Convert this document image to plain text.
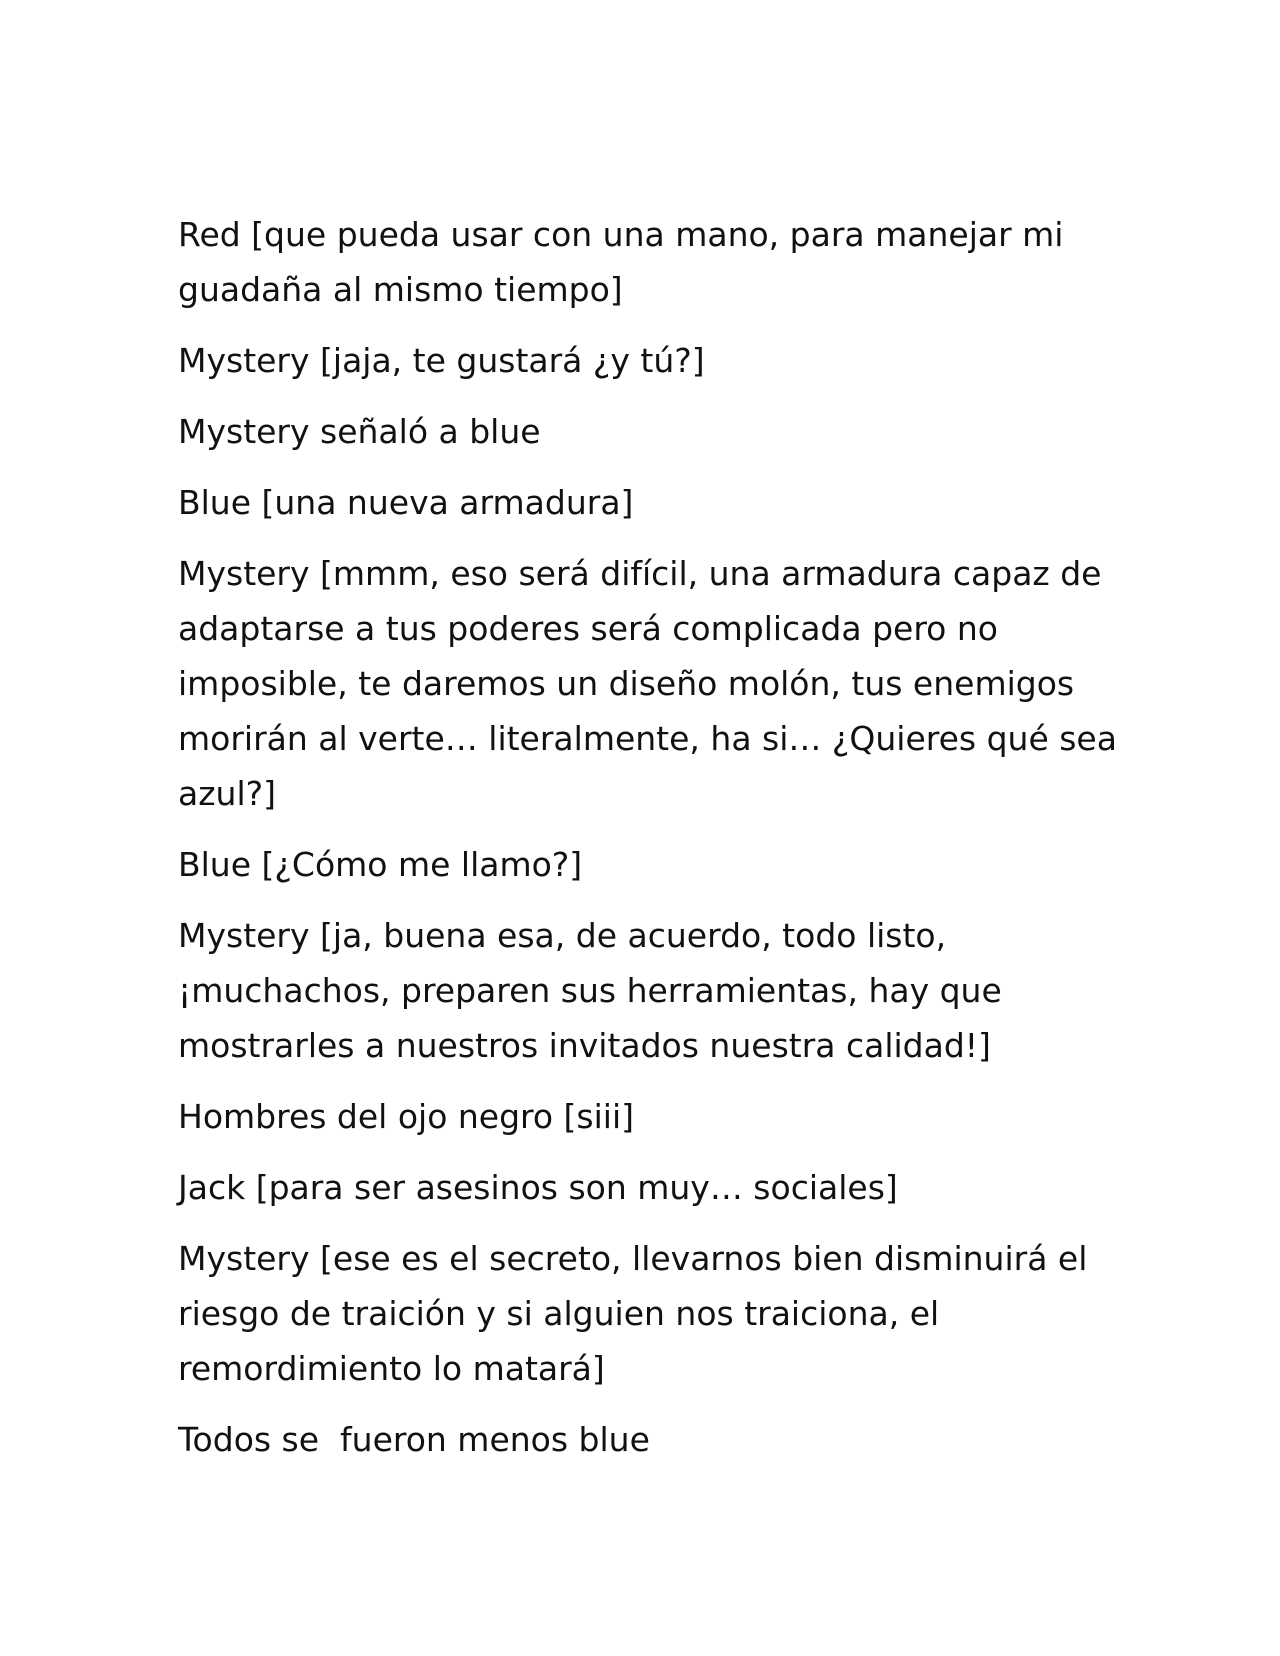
Red [que pueda usar con una mano, para manejar mi guadaña al mismo tiempo]

Mystery [jaja, te gustará ¿y tú?]

Mystery señaló a blue

Blue [una nueva armadura]

Mystery [mmm, eso será difícil, una armadura capaz de adaptarse a tus poderes será complicada pero no imposible, te daremos un diseño molón, tus enemigos morirán al verte… literalmente, ha si… ¿Quieres qué sea azul?]

Blue [¿Cómo me llamo?]

Mystery [ja, buena esa, de acuerdo, todo listo, ¡muchachos, preparen sus herramientas, hay que mostrarles a nuestros invitados nuestra calidad!]

Hombres del ojo negro [siii]

Jack [para ser asesinos son muy… sociales]

Mystery [ese es el secreto, llevarnos bien disminuirá el riesgo de traición y si alguien nos traiciona, el remordimiento lo matará]

Todos se  fueron menos blue
